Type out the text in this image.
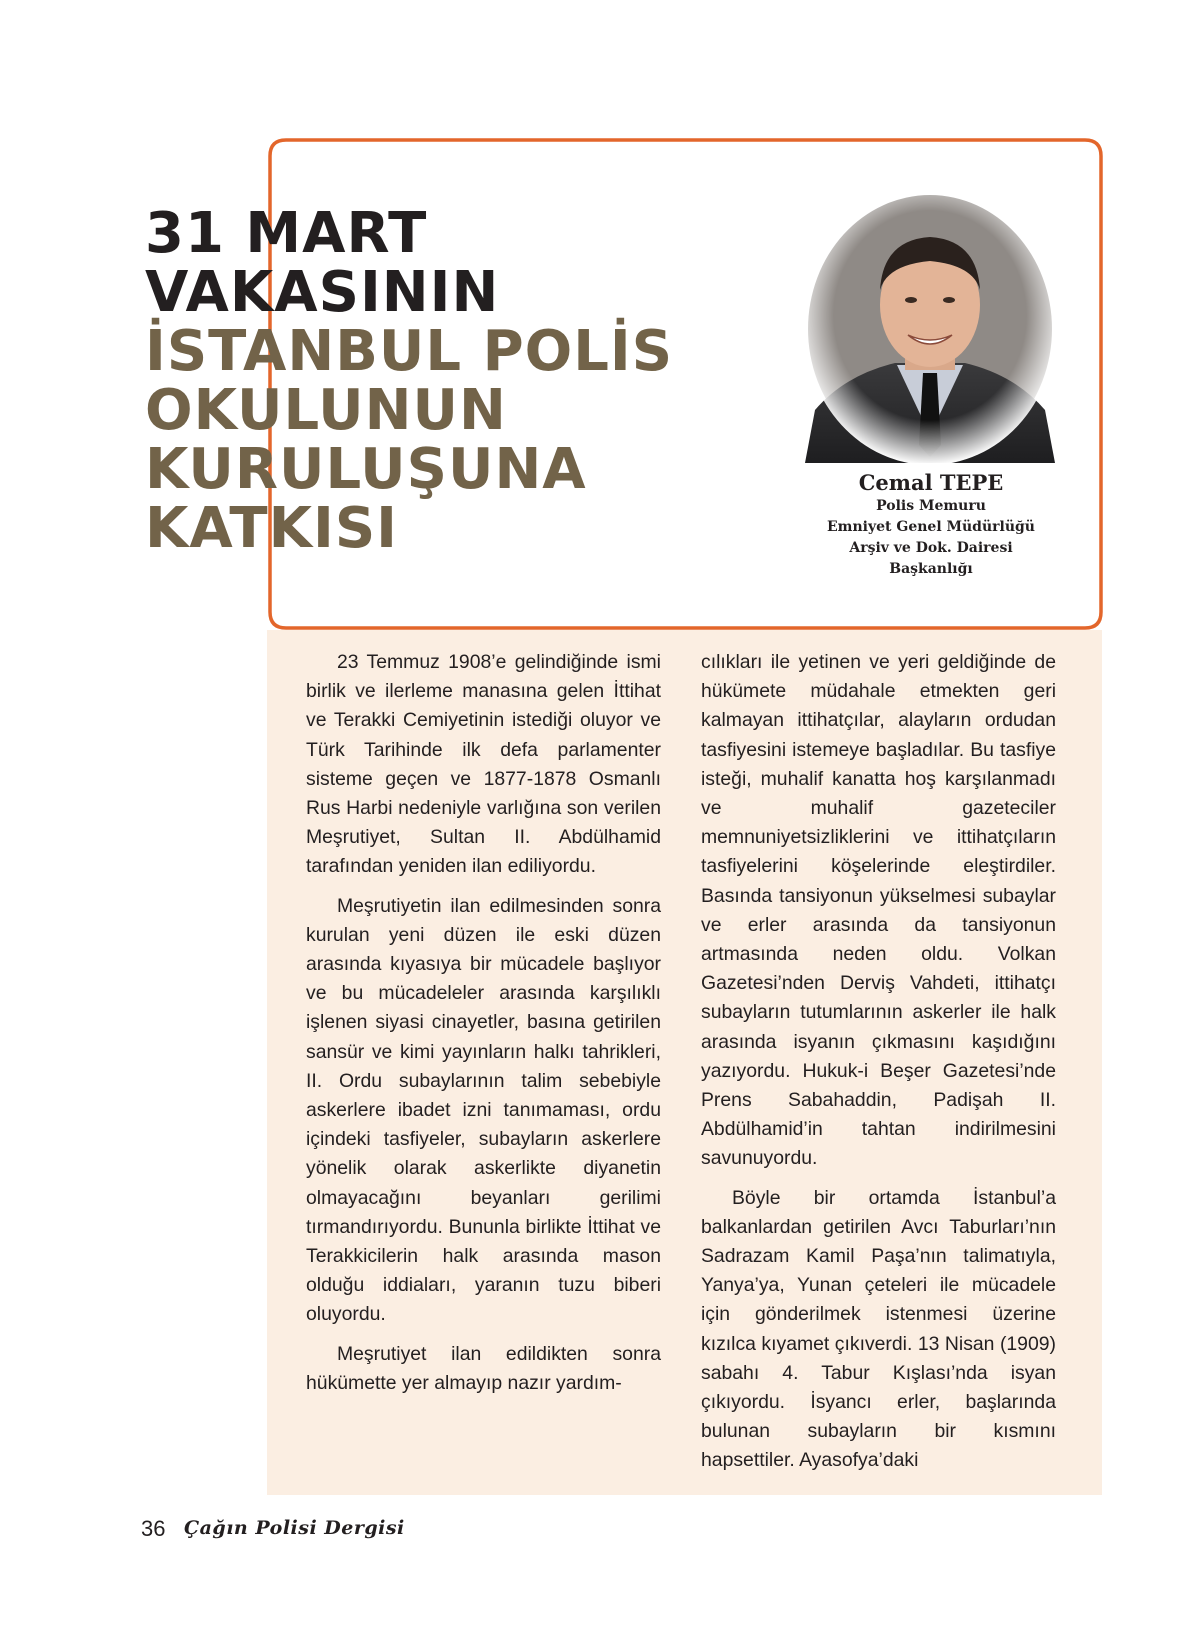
31 MART
VAKASININ
İSTANBUL POLİS
OKULUNUN
KURULUŞUNA
KATKISI
Cemal TEPE
Polis Memuru
Emniyet Genel Müdürlüğü
Arşiv ve Dok. Dairesi
Başkanlığı

23 Temmuz 1908’e gelindiğinde ismi birlik ve ilerleme manasına gelen İttihat ve Terakki Cemiyetinin istediği oluyor ve Türk Tarihinde ilk defa parlamenter sisteme geçen ve 1877-1878 Osmanlı Rus Harbi nedeniyle varlığına son verilen Meşrutiyet, Sultan II. Abdülhamid tarafından yeniden ilan ediliyordu.

Meşrutiyetin ilan edilmesinden sonra kurulan yeni düzen ile eski düzen arasında kıyasıya bir mücadele başlıyor ve bu mücadeleler arasında karşılıklı işlenen siyasi cinayetler, basına getirilen sansür ve kimi yayınların halkı tahrikleri, II. Ordu subaylarının talim sebebiyle askerlere ibadet izni tanımaması, ordu içindeki tasfiyeler, subayların askerlere yönelik olarak askerlikte diyanetin olmayacağını beyanları gerilimi tırmandırıyordu. Bununla birlikte İttihat ve Terakkicilerin halk arasında mason olduğu iddiaları, yaranın tuzu biberi oluyordu.

Meşrutiyet ilan edildikten sonra hükümette yer almayıp nazır yardım-

cılıkları ile yetinen ve yeri geldiğinde de hükümete müdahale etmekten geri kalmayan ittihatçılar, alayların ordudan tasfiyesini istemeye başladılar. Bu tasfiye isteği, muhalif kanatta hoş karşılanmadı ve muhalif gazeteciler memnuniyetsizliklerini ve ittihatçıların tasfiyelerini köşelerinde eleştirdiler. Basında tansiyonun yükselmesi subaylar ve erler arasında da tansiyonun artmasında neden oldu. Volkan Gazetesi’nden Derviş Vahdeti, ittihatçı subayların tutumlarının askerler ile halk arasında isyanın çıkmasını kaşıdığını yazıyordu. Hukuk-i Beşer Gazetesi’nde Prens Sabahaddin, Padişah II. Abdülhamid’in tahtan indirilmesini savunuyordu.

Böyle bir ortamda İstanbul’a balkanlardan getirilen Avcı Taburları’nın Sadrazam Kamil Paşa’nın talimatıyla, Yanya’ya, Yunan çeteleri ile mücadele için gönderilmek istenmesi üzerine kızılca kıyamet çıkıverdi. 13 Nisan (1909) sabahı 4. Tabur Kışlası’nda isyan çıkıyordu. İsyancı erler, başlarında bulunan subayların bir kısmını hapsettiler. Ayasofya’daki

36 Çağın Polisi Dergisi
